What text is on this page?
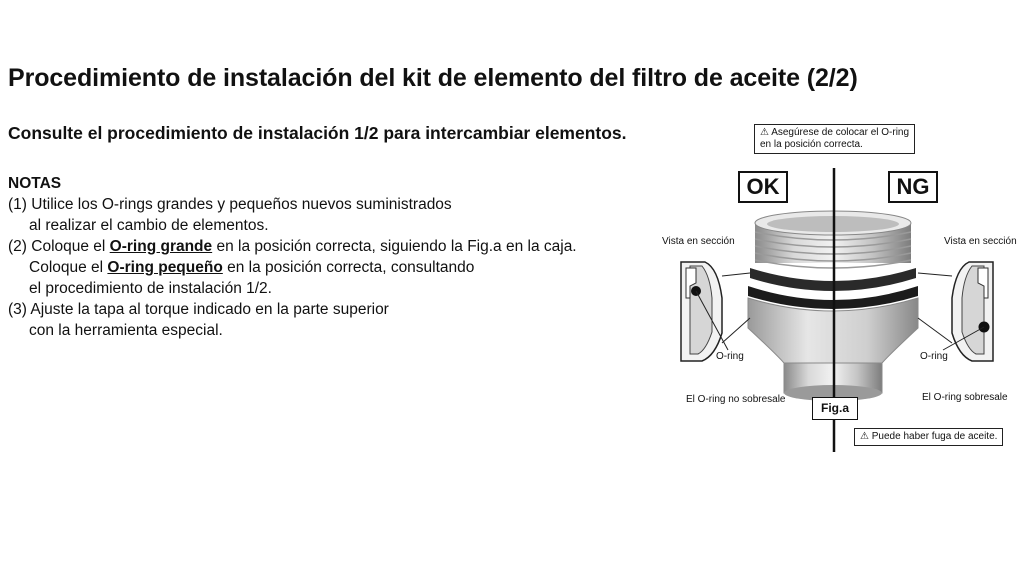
Procedimiento de instalación del kit de elemento del filtro de aceite (2/2)
Consulte el procedimiento de instalación 1/2 para intercambiar elementos.
NOTAS
(1) Utilice los O-rings grandes y pequeños nuevos suministrados
al realizar el cambio de elementos.
(2) Coloque el O-ring grande en la posición correcta, siguiendo la Fig.a en la caja.
Coloque el O-ring pequeño en la posición correcta, consultando
el procedimiento de instalación 1/2.
(3) Ajuste la tapa al torque indicado en la parte superior
con la herramienta especial.
⚠ Asegúrese de colocar el O-ring
en la posición correcta.
OK	NG
Vista en sección	Vista en sección
O-ring	O-ring
El O-ring no sobresale	El O-ring sobresale
Fig.a
⚠ Puede haber fuga de aceite.
